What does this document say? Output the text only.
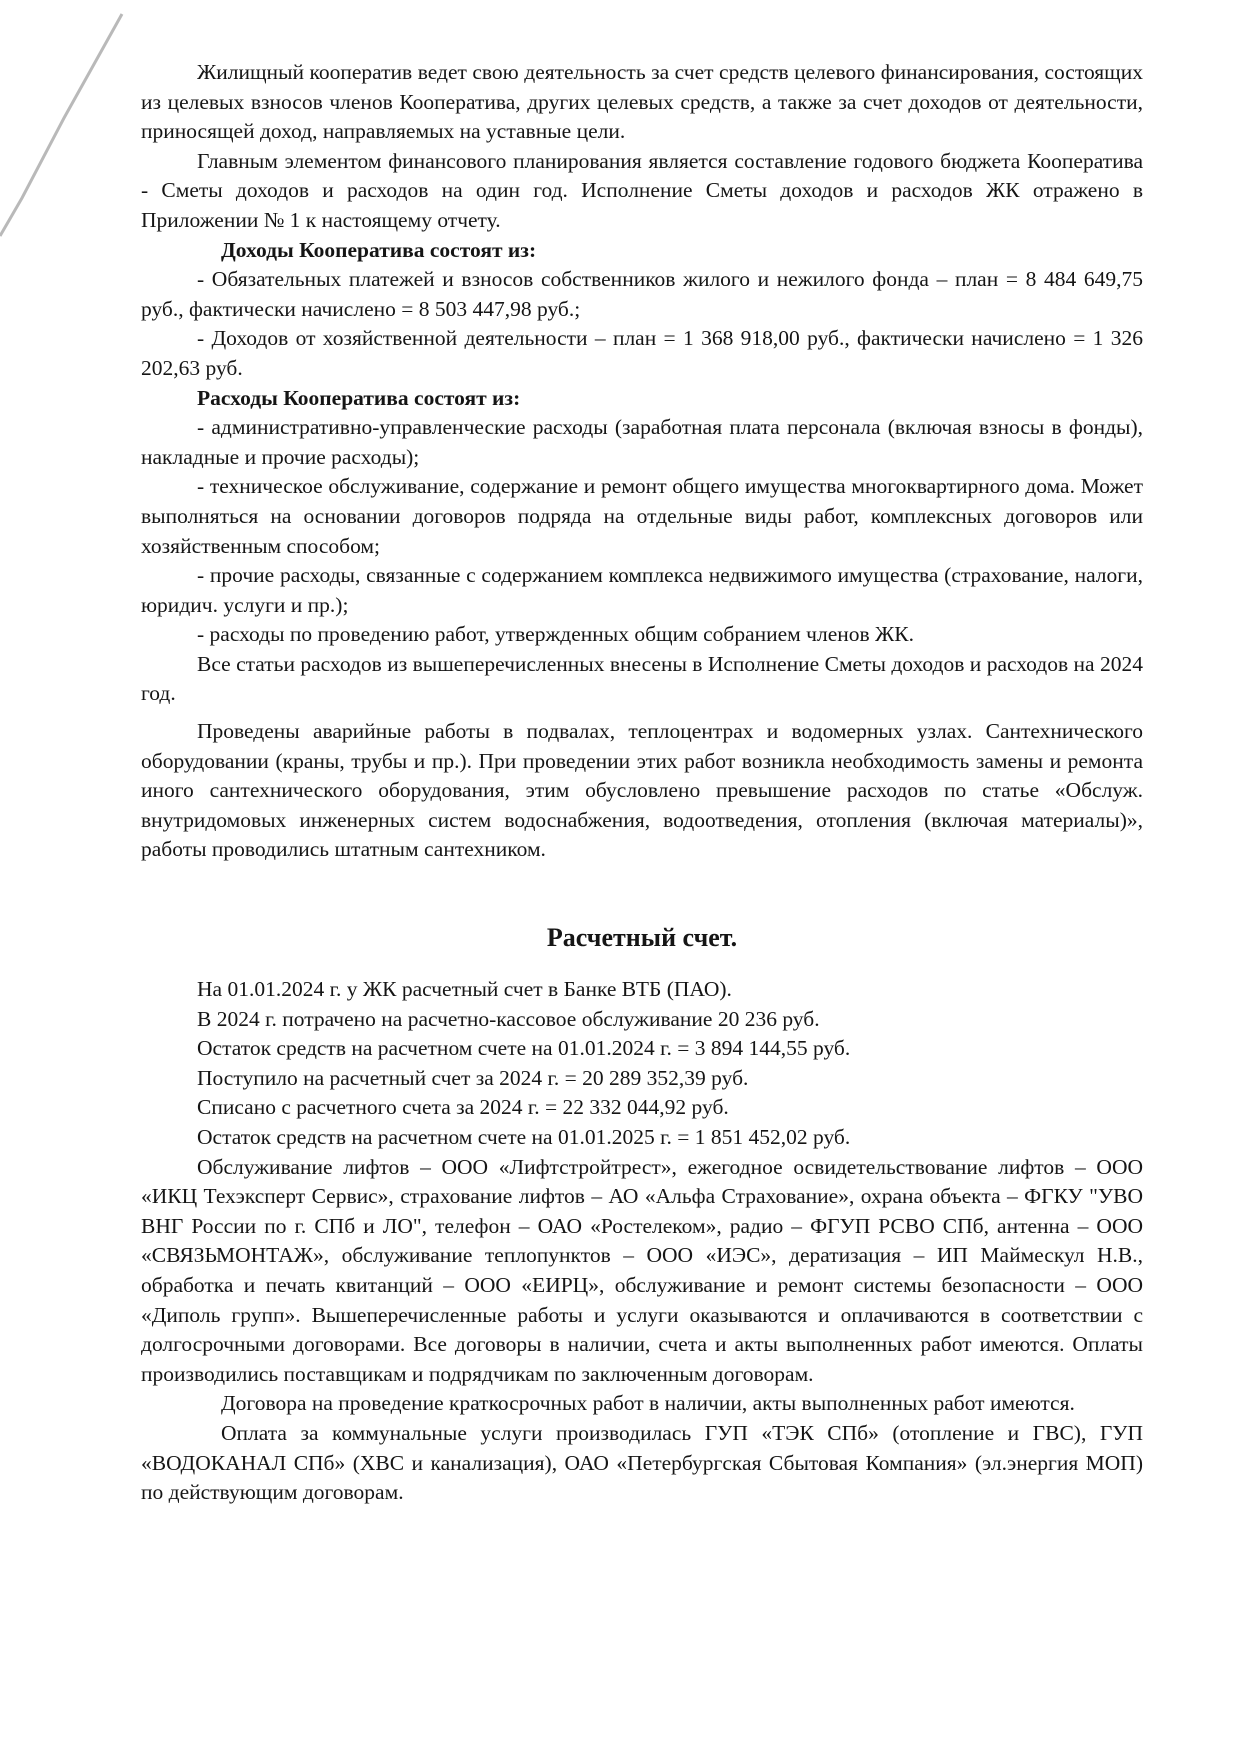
Жилищный кооператив ведет свою деятельность за счет средств целевого финансирования, состоящих из целевых взносов членов Кооператива, других целевых средств, а также за счет доходов от деятельности, приносящей доход, направляемых на уставные цели.

Главным элементом финансового планирования является составление годового бюджета Кооператива - Сметы доходов и расходов на один год. Исполнение Сметы доходов и расходов ЖК отражено в Приложении № 1 к настоящему отчету.

Доходы Кооператива состоят из:

- Обязательных платежей и взносов собственников жилого и нежилого фонда – план = 8 484 649,75 руб., фактически начислено = 8 503 447,98 руб.;

- Доходов от хозяйственной деятельности – план = 1 368 918,00 руб., фактически начислено = 1 326 202,63 руб.

Расходы Кооператива состоят из:

- административно-управленческие расходы (заработная плата персонала (включая взносы в фонды), накладные и прочие расходы);

- техническое обслуживание, содержание и ремонт общего имущества многоквартирного дома. Может выполняться на основании договоров подряда на отдельные виды работ, комплексных договоров или хозяйственным способом;

- прочие расходы, связанные с содержанием комплекса недвижимого имущества (страхование, налоги, юридич. услуги и пр.);

- расходы по проведению работ, утвержденных общим собранием членов ЖК.

Все статьи расходов из вышеперечисленных внесены в Исполнение Сметы доходов и расходов на 2024 год.

Проведены аварийные работы в подвалах, теплоцентрах и водомерных узлах. Сантехнического оборудовании (краны, трубы и пр.). При проведении этих работ возникла необходимость замены и ремонта иного сантехнического оборудования, этим обусловлено превышение расходов по статье «Обслуж. внутридомовых инженерных систем водоснабжения, водоотведения, отопления (включая материалы)», работы проводились штатным сантехником.

Расчетный счет.

На 01.01.2024 г. у ЖК расчетный счет в Банке ВТБ (ПАО).

В 2024 г. потрачено на расчетно-кассовое обслуживание 20 236 руб.

Остаток средств на расчетном счете на 01.01.2024 г. = 3 894 144,55 руб.

Поступило на расчетный счет за 2024 г. = 20 289 352,39 руб.

Списано с расчетного счета за 2024 г. = 22 332 044,92 руб.

Остаток средств на расчетном счете на 01.01.2025 г. = 1 851 452,02 руб.

Обслуживание лифтов – ООО «Лифтстройтрест», ежегодное освидетельствование лифтов – ООО «ИКЦ Техэксперт Сервис», страхование лифтов – АО «Альфа Страхование», охрана объекта – ФГКУ "УВО ВНГ России по г. СПб и ЛО", телефон – ОАО «Ростелеком», радио – ФГУП РСВО СПб, антенна – ООО «СВЯЗЬМОНТАЖ», обслуживание теплопунктов – ООО «ИЭС», дератизация – ИП Маймескул Н.В., обработка и печать квитанций – ООО «ЕИРЦ», обслуживание и ремонт системы безопасности – ООО «Диполь групп». Вышеперечисленные работы и услуги оказываются и оплачиваются в соответствии с долгосрочными договорами. Все договоры в наличии, счета и акты выполненных работ имеются. Оплаты производились поставщикам и подрядчикам по заключенным договорам.

Договора на проведение краткосрочных работ в наличии, акты выполненных работ имеются.

Оплата за коммунальные услуги производилась ГУП «ТЭК СПб» (отопление и ГВС), ГУП «ВОДОКАНАЛ СПб» (ХВС и канализация), ОАО «Петербургская Сбытовая Компания» (эл.энергия МОП) по действующим договорам.
